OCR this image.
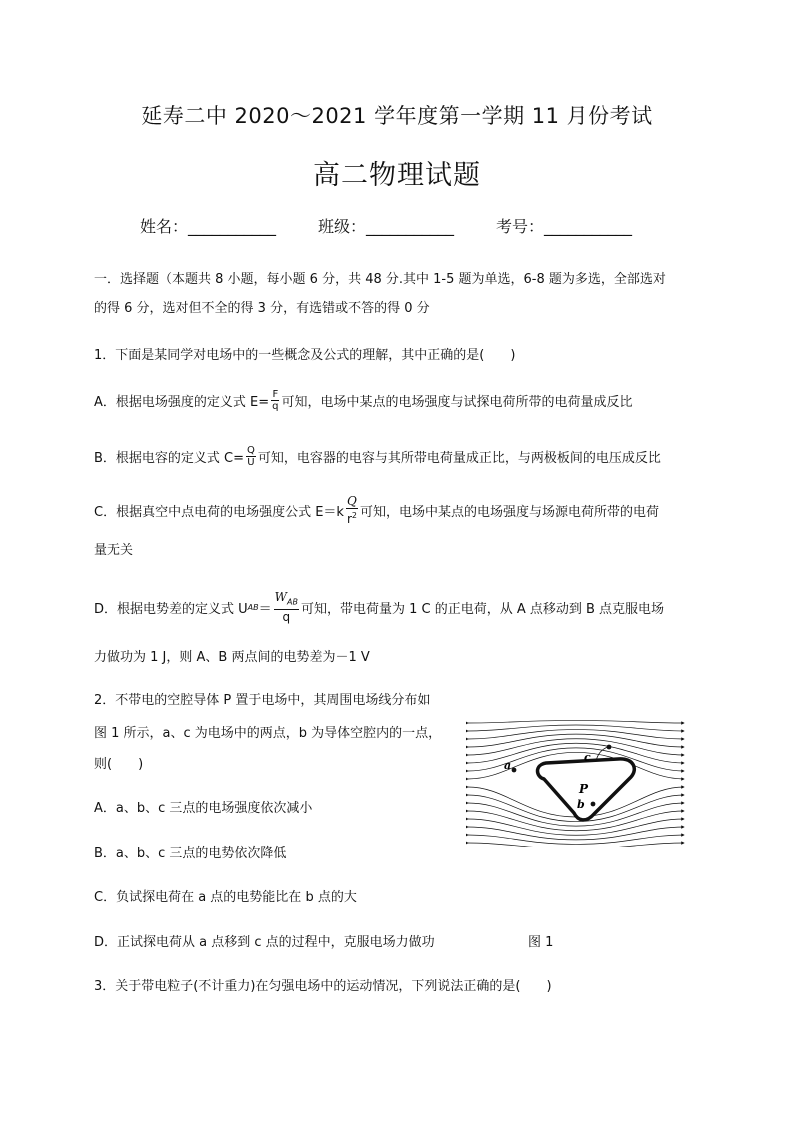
延寿二中 2020～2021 学年度第一学期 11 月份考试
高二物理试题
姓名：___________	班级：___________	考号：___________
一．选择题（本题共 8 小题，每小题 6 分，共 48 分.其中 1-5 题为单选，6-8 题为多选，全部选对
的得 6 分，选对但不全的得 3 分，有选错或不答的得 0 分
1．下面是某同学对电场中的一些概念及公式的理解，其中正确的是(　　)
A．根据电场强度的定义式 $E= \frac{F}{q}$ 可知，电场中某点的电场强度与试探电荷所带的电荷量成反比
B．根据电容的定义式 $C= \frac{Q}{U}$ 可知，电容器的电容与其所带电荷量成正比，与两极板间的电压成反比
C．根据真空中点电荷的电场强度公式 $E=k \frac{Q}{r^2}$ 可知，电场中某点的电场强度与场源电荷所带的电荷
量无关
D．根据电势差的定义式 U AB ＝ $\frac{W_{AB}}{q}$ 可知，带电荷量为 1 C 的正电荷，从 A 点移动到 B 点克服电场
力做功为 1 J，则 A、B 两点间的电势差为－1 V
2．不带电的空腔导体 P 置于电场中，其周围电场线分布如
图 1 所示，a、c 为电场中的两点，b 为导体空腔内的一点，
则(　　)
A．a、b、c 三点的电场强度依次减小
B．a、b、c 三点的电势依次降低
C．负试探电荷在 a 点的电势能比在 b 点的大
D．正试探电荷从 a 点移到 c 点的过程中，克服电场力做功	图 1
a
c
P
b
3．关于带电粒子(不计重力)在匀强电场中的运动情况，下列说法正确的是(　　)
